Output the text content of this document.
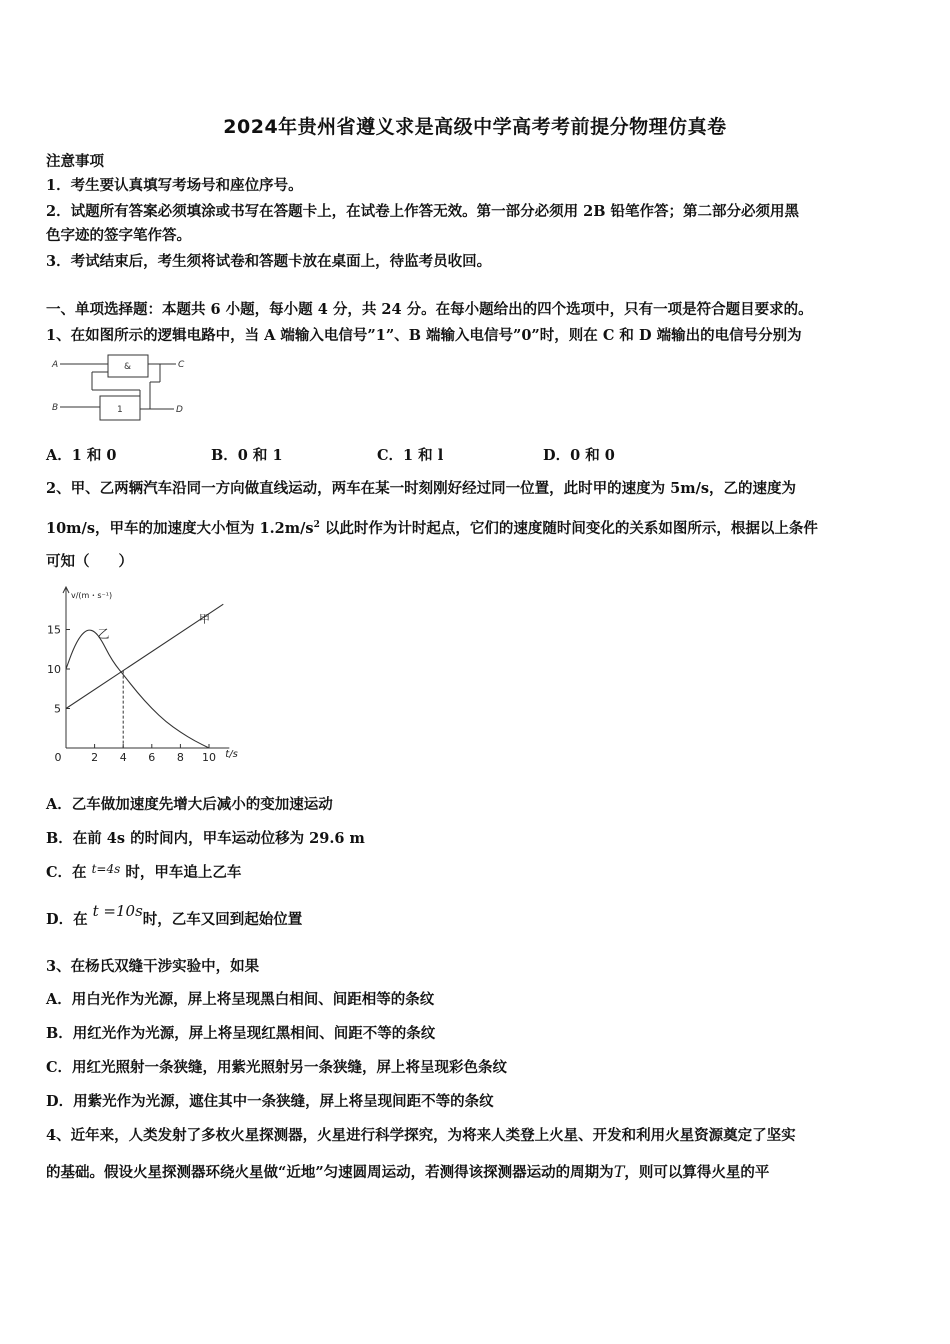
2024年贵州省遵义求是高级中学高考考前提分物理仿真卷
注意事项
1．考生要认真填写考场号和座位序号。
2．试题所有答案必须填涂或书写在答题卡上，在试卷上作答无效。第一部分必须用 2B 铅笔作答；第二部分必须用黑
色字迹的签字笔作答。
3．考试结束后，考生须将试卷和答题卡放在桌面上，待监考员收回。
一、单项选择题：本题共 6 小题，每小题 4 分，共 24 分。在每小题给出的四个选项中，只有一项是符合题目要求的。
1、在如图所示的逻辑电路中，当 A 端输入电信号”1”、B 端输入电信号”0”时，则在 C 和 D 端输出的电信号分别为
A	C
B	D
&
1
A．1 和 0	B．0 和 1	C．1 和 l	D．0 和 0
2、甲、乙两辆汽车沿同一方向做直线运动，两车在某一时刻刚好经过同一位置，此时甲的速度为 5m/s，乙的速度为
10m/s，甲车的加速度大小恒为 $1.2m/s^2$ 以此时作为计时起点，它们的速度随时间变化的关系如图所示，根据以上条件
可知（　　）
5
10
15
0	2 4 6 8 10
v/(m・s⁻¹)
t/s
甲
乙
A．乙车做加速度先增大后减小的变加速运动
B．在前 4s 的时间内，甲车运动位移为 29.6 m
C．在 $^{t=4s}$ 时，甲车追上乙车
D．在 t =10s时，乙车又回到起始位置
3、在杨氏双缝干涉实验中，如果
A．用白光作为光源，屏上将呈现黑白相间、间距相等的条纹
B．用红光作为光源，屏上将呈现红黑相间、间距不等的条纹
C．用红光照射一条狭缝，用紫光照射另一条狭缝，屏上将呈现彩色条纹
D．用紫光作为光源，遮住其中一条狭缝，屏上将呈现间距不等的条纹
4、近年来，人类发射了多枚火星探测器，火星进行科学探究，为将来人类登上火星、开发和利用火星资源奠定了坚实
的基础。假设火星探测器环绕火星做“近地”匀速圆周运动，若测得该探测器运动的周期为T，则可以算得火星的平
